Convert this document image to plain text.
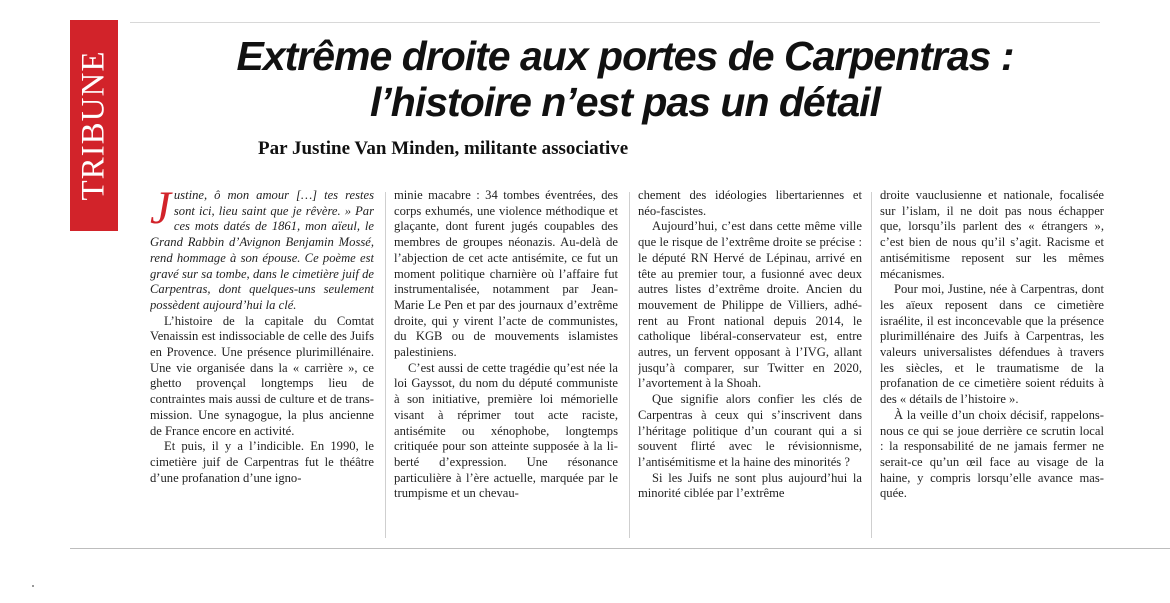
TRIBUNE	Extrême droite aux portes de Carpentras :
l’histoire n’est pas un détail
Par Justine Van Minden, militante associative

Justine, ô mon amour […] tes restes sont ici, lieu saint que je rêvère. » Par ces mots datés de 1861, mon aïeul, le Grand Rabbin d’Avignon Benjamin Mossé, rend hommage à son épouse. Ce poème est gravé sur sa tombe, dans le cimetière juif de Carpentras, dont quelques-uns seulement possèdent aujourd’hui la clé.

L’histoire de la capitale du Comtat Venaissin est indissociable de celle des Juifs en Provence. Une présence plurimillénaire. Une vie organisée dans la « carrière », ce ghetto provençal longtemps lieu de contraintes mais aussi de culture et de transmission. Une synagogue, la plus ancienne de France encore en activité.

Et puis, il y a l’indicible. En 1990, le cimetière juif de Carpentras fut le théâtre d’une profanation d’une igno-

minie macabre : 34 tombes éventrées, des corps exhumés, une violence méthodique et glaçante, dont furent jugés coupables des membres de groupes néonazis. Au-delà de l’abjection de cet acte antisémite, ce fut un moment politique charnière où l’affaire fut instrumentalisée, notamment par Jean-Marie Le Pen et par des journaux d’extrême droite, qui y virent l’acte de communistes, du KGB ou de mouvements islamistes palestiniens.

C’est aussi de cette tragédie qu’est née la loi Gayssot, du nom du député communiste à son initiative, première loi mémorielle visant à réprimer tout acte raciste, antisémite ou xénophobe, longtemps critiquée pour son atteinte supposée à la liberté d’expression. Une résonance particulière à l’ère actuelle, marquée par le trumpisme et un chevau-

chement des idéologies libertariennes et néo-fascistes.

Aujourd’hui, c’est dans cette même ville que le risque de l’extrême droite se précise : le député RN Hervé de Lépinau, arrivé en tête au premier tour, a fusionné avec deux autres listes d’extrême droite. Ancien du mouvement de Philippe de Villiers, adhérent au Front national depuis 2014, le catholique libéral-conservateur est, entre autres, un fervent opposant à l’IVG, allant jusqu’à comparer, sur Twitter en 2020, l’avortement à la Shoah.

Que signifie alors confier les clés de Carpentras à ceux qui s’inscrivent dans l’héritage politique d’un courant qui a si souvent flirté avec le révisionnisme, l’antisémitisme et la haine des minorités ?

Si les Juifs ne sont plus aujourd’hui la minorité ciblée par l’extrême

droite vauclusienne et nationale, focalisée sur l’islam, il ne doit pas nous échapper que, lorsqu’ils parlent des « étrangers », c’est bien de nous qu’il s’agit. Racisme et antisémitisme reposent sur les mêmes mécanismes.

Pour moi, Justine, née à Carpentras, dont les aïeux reposent dans ce cimetière israélite, il est inconcevable que la présence plurimillénaire des Juifs à Carpentras, les valeurs universalistes défendues à travers les siècles, et le traumatisme de la profanation de ce cimetière soient réduits à des « détails de l’histoire ».

À la veille d’un choix décisif, rappelons-nous ce qui se joue derrière ce scrutin local : la responsabilité de ne jamais fermer ne serait-ce qu’un œil face au visage de la haine, y compris lorsqu’elle avance masquée.
